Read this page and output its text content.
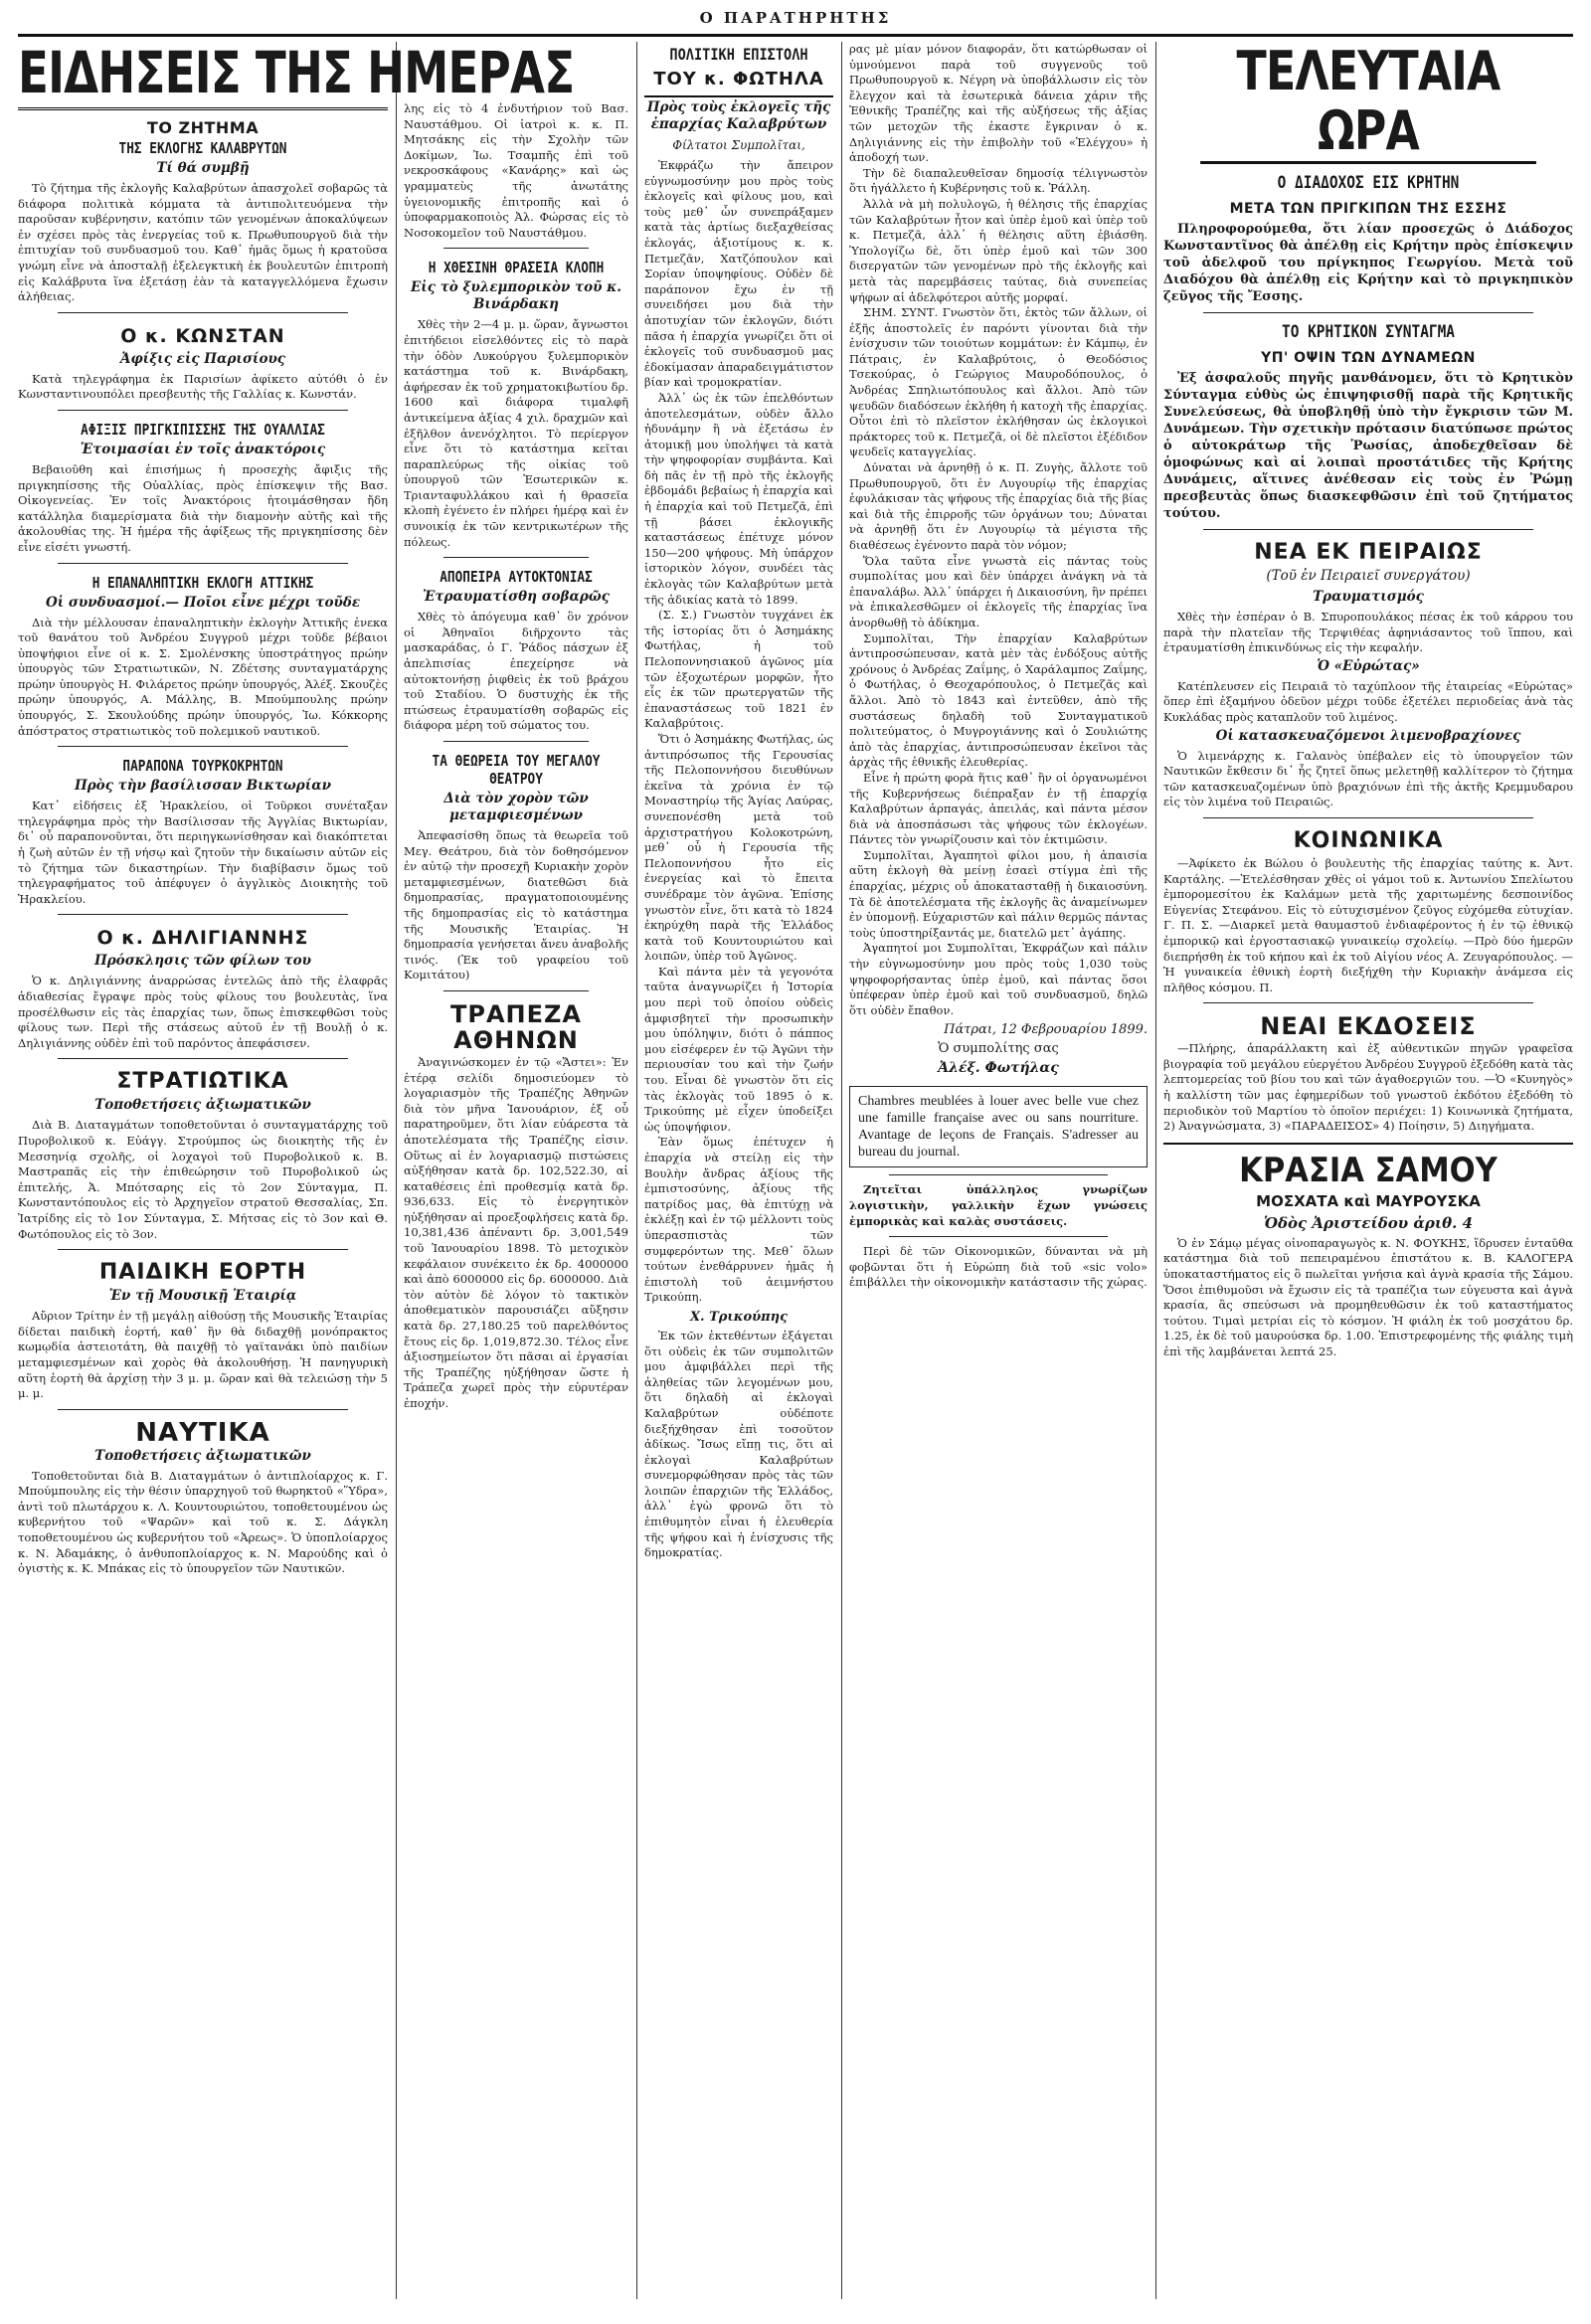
Ο ΠΑΡΑΤΗΡΗΤΗΣ
ΕΙΔΗΣΕΙΣ ΤΗΣ ΗΜΕΡΑΣ
ΤΟ ΖΗΤΗΜΑ
ΤΗΣ ΕΚΛΟΓΗΣ ΚΑΛΑΒΡΥΤΩΝ
Τί θά συμβῇ

Τὸ ζήτημα τῆς ἐκλογῆς Καλαβρύτων ἀπασχολεῖ σοβαρῶς τὰ διάφορα πολιτικὰ κόμματα τὰ ἀντιπολιτευόμενα τὴν παροῦσαν κυβέρνησιν, κατόπιν τῶν γενομένων ἀποκαλύψεων ἐν σχέσει πρὸς τὰς ἐνεργείας τοῦ κ. Πρωθυπουργοῦ διὰ τὴν ἐπιτυχίαν τοῦ συνδυασμοῦ του. Καθ᾽ ἡμᾶς ὅμως ἡ κρατοῦσα γνώμη εἶνε νὰ ἀποσταλῇ ἐξελεγκτικὴ ἐκ βουλευτῶν ἐπιτροπὴ εἰς Καλάβρυτα ἵνα ἐξετάσῃ ἐὰν τὰ καταγγελλόμενα ἔχωσιν ἀλήθειας.

Ο κ. ΚΩΝΣΤΑΝ
Ἀφίξις εἰς Παρισίους

Κατὰ τηλεγράφημα ἐκ Παρισίων ἀφίκετο αὐτόθι ὁ ἐν Κωνσταντινουπόλει πρεσβευτὴς τῆς Γαλλίας κ. Κωνστάν.

ΑΦΙΞΙΣ ΠΡΙΓΚΙΠΙΣΣΗΣ ΤΗΣ ΟΥΑΛΛΙΑΣ
Ἑτοιμασίαι ἐν τοῖς ἀνακτόροις

Βεβαιοῦθη καὶ ἐπισήμως ἡ προσεχὴς ἄφιξις τῆς πριγκηπίσσης τῆς Οὐαλλίας, πρὸς ἐπίσκεψιν τῆς Βασ. Οἰκογενείας. Ἐν τοῖς Ἀνακτόροις ἡτοιμάσθησαν ἤδη κατάλληλα διαμερίσματα διὰ τὴν διαμονὴν αὐτῆς καὶ τῆς ἀκολουθίας της. Ἡ ἡμέρα τῆς ἀφίξεως τῆς πριγκηπίσσης δὲν εἶνε εἰσέτι γνωστή.

Η ΕΠΑΝΑΛΗΠΤΙΚΗ ΕΚΛΟΓΗ ΑΤΤΙΚΗΣ
Οἱ συνδυασμοί.— Ποῖοι εἶνε μέχρι τοῦδε

Διὰ τὴν μέλλουσαν ἐπαναληπτικὴν ἐκλογὴν Ἀττικῆς ἐνεκα τοῦ θανάτου τοῦ Ἀνδρέου Συγγροῦ μέχρι τοῦδε βέβαιοι ὑποψήφιοι εἶνε οἱ κ. Σ. Σμολένσκης ὑποστράτηγος πρώην ὑπουργὸς τῶν Στρατιωτικῶν, Ν. Ζδέτσης συνταγματάρχης πρώην ὑπουργὸς Η. Φιλάρετος πρώην ὑπουργός, Ἀλέξ. Σκουζὲς πρώην ὑπουργός, Α. Μάλλης, Β. Μπούμπουλης πρώην ὑπουργός, Σ. Σκουλούδης πρώην ὑπουργός, Ἰω. Κόκκορης ἀπόστρατος στρατιωτικὸς τοῦ πολεμικοῦ ναυτικοῦ.

ΠΑΡΑΠΟΝΑ ΤΟΥΡΚΟΚΡΗΤΩΝ
Πρὸς τὴν βασίλισσαν Βικτωρίαν

Κατ᾽ εἰδήσεις ἐξ Ἡρακλείου, οἱ Τοῦρκοι συνέταξαν τηλεγράφημα πρὸς τὴν Βασίλισσαν τῆς Ἀγγλίας Βικτωρίαν, δι᾽ οὗ παραπονοῦνται, ὅτι περιηγκωνίσθησαν καὶ διακόπτεται ἡ ζωὴ αὐτῶν ἐν τῇ νήσῳ καὶ ζητοῦν τὴν δικαίωσιν αὐτῶν εἰς τὸ ζήτημα τῶν δικαστηρίων. Τὴν διαβίβασιν ὅμως τοῦ τηλεγραφήματος τοῦ ἀπέφυγεν ὁ ἀγγλικὸς Διοικητὴς τοῦ Ἡρακλείου.

Ο κ. ΔΗΛΙΓΙΑΝΝΗΣ
Πρόσκλησις τῶν φίλων του

Ὁ κ. Δηλιγιάννης ἀναρρώσας ἐντελῶς ἀπὸ τῆς ἐλαφρᾶς ἀδιαθεσίας ἔγραψε πρὸς τοὺς φίλους του βουλευτὰς, ἵνα προσέλθωσιν εἰς τὰς ἐπαρχίας των, ὅπως ἐπισκεφθῶσι τοὺς φίλους των. Περὶ τῆς στάσεως αὐτοῦ ἐν τῇ Βουλῇ ὁ κ. Δηλιγιάννης οὐδὲν ἐπὶ τοῦ παρόντος ἀπεφάσισεν.

ΣΤΡΑΤΙΩΤΙΚΑ
Τοποθετήσεις ἀξιωματικῶν

Διὰ Β. Διαταγμάτων τοποθετοῦνται ὁ συνταγματάρχης τοῦ Πυροβολικοῦ κ. Εὐάγγ. Στρούμπος ὡς διοικητὴς τῆς ἐν Μεσσηνίᾳ σχολῆς, οἱ λοχαγοὶ τοῦ Πυροβολικοῦ κ. Β. Μαστραπᾶς εἰς τὴν ἐπιθεώρησιν τοῦ Πυροβολικοῦ ὡς ἐπιτελής, Ἀ. Μπότσαρης εἰς τὸ 2ον Σύνταγμα, Π. Κωνσταντόπουλος εἰς τὸ Ἀρχηγεῖον στρατοῦ Θεσσαλίας, Σπ. Ἰατρίδης εἰς τὸ 1ον Σύνταγμα, Σ. Μήτσας εἰς τὸ 3ον καὶ Θ. Φωτόπουλος εἰς τὸ 3ον.

ΠΑΙΔΙΚΗ ΕΟΡΤΗ
Ἐν τῇ Μουσικῇ Ἑταιρίᾳ

Αὔριον Τρίτην ἐν τῇ μεγάλῃ αἰθούσῃ τῆς Μουσικῆς Ἑταιρίας δίδεται παιδικὴ ἑορτή, καθ᾽ ἣν θὰ διδαχθῇ μονόπρακτος κωμῳδία ἀστειοτάτη, θὰ παιχθῇ τὸ γαϊτανάκι ὑπὸ παιδίων μεταμφιεσμένων καὶ χορὸς θὰ ἀκολουθήσῃ. Ἡ πανηγυρικὴ αὕτη ἑορτὴ θὰ ἀρχίσῃ τὴν 3 μ. μ. ὥραν καὶ θὰ τελειώσῃ τὴν 5 μ. μ.

ΝΑΥΤΙΚΑ
Τοποθετήσεις ἀξιωματικῶν

Τοποθετοῦνται διὰ Β. Διαταγμάτων ὁ ἀντιπλοίαρχος κ. Γ. Μπούμπουλης εἰς τὴν θέσιν ὑπαρχηγοῦ τοῦ θωρηκτοῦ «Ὕδρα», ἀντὶ τοῦ πλωτάρχου κ. Λ. Κουντουριώτου, τοποθετουμένου ὡς κυβερνήτου τοῦ «Ψαρῶν» καὶ τοῦ κ. Σ. Δάγκλη τοποθετουμένου ὡς κυβερνήτου τοῦ «Ἀρεως». Ὁ ὑποπλοίαρχος κ. Ν. Ἀδαμάκης, ὁ ἀνθυποπλοίαρχος κ. Ν. Μαρούδης καὶ ὁ ὀγιστὴς κ. Κ. Μπάκας εἰς τὸ ὑπουργεῖον τῶν Ναυτικῶν.

λης εἰς τὸ 4 ἐνδυτήριον τοῦ Βασ. Ναυστάθμου. Οἱ ἰατροὶ κ. κ. Π. Μητσάκης εἰς τὴν Σχολὴν τῶν Δοκίμων, Ἰω. Τσαμπῆς ἐπὶ τοῦ νεκροσκάφους «Κανάρης» καὶ ὡς γραμματεὺς τῆς ἀνωτάτης ὑγειονομικῆς ἐπιτροπῆς καὶ ὁ ὑποφαρμακοποιὸς Ἀλ. Φώρσας εἰς τὸ Νοσοκομεῖον τοῦ Ναυστάθμου.

Η ΧΘΕΣΙΝΗ ΘΡΑΣΕΙΑ ΚΛΟΠΗ
Εἰς τὸ ξυλεμπορικὸν τοῦ κ. Βινάρδακη

Χθὲς τὴν 2—4 μ. μ. ὥραν, ἄγνωστοι ἐπιτήδειοι εἰσελθόντες εἰς τὸ παρὰ τὴν ὁδὸν Λυκούργου ξυλεμπορικὸν κατάστημα τοῦ κ. Βινάρδακη, ἀφήρεσαν ἐκ τοῦ χρηματοκιβωτίου δρ. 1600 καὶ διάφορα τιμαλφῆ ἀντικείμενα ἀξίας 4 χιλ. δραχμῶν καὶ ἐξῆλθον ἀνενόχλητοι. Τὸ περίεργον εἶνε ὅτι τὸ κατάστημα κεῖται παραπλεύρως τῆς οἰκίας τοῦ ὑπουργοῦ τῶν Ἐσωτερικῶν κ. Τριανταφυλλάκου καὶ ἡ θρασεῖα κλοπὴ ἐγένετο ἐν πλήρει ἡμέρᾳ καὶ ἐν συνοικίᾳ ἐκ τῶν κεντρικωτέρων τῆς πόλεως.

ΑΠΟΠΕΙΡΑ ΑΥΤΟΚΤΟΝΙΑΣ
Ἐτραυματίσθη σοβαρῶς

Χθὲς τὸ ἀπόγευμα καθ᾽ ὃν χρόνον οἱ Ἀθηναῖοι διῆρχοντο τὰς μασκαράδας, ὁ Γ. Ῥάδος πάσχων ἐξ ἀπελπισίας ἐπεχείρησε νὰ αὐτοκτονήσῃ ῥιφθεὶς ἐκ τοῦ βράχου τοῦ Σταδίου. Ὁ δυστυχὴς ἐκ τῆς πτώσεως ἐτραυματίσθη σοβαρῶς εἰς διάφορα μέρη τοῦ σώματος του.

ΤΑ ΘΕΩΡΕΙΑ ΤΟΥ ΜΕΓΑΛΟΥ ΘΕΑΤΡΟΥ
Διὰ τὸν χορὸν τῶν μεταμφιεσμένων

Ἀπεφασίσθη ὅπως τὰ θεωρεῖα τοῦ Μεγ. Θεάτρου, διὰ τὸν δοθησόμενον ἐν αὐτῷ τὴν προσεχῆ Κυριακὴν χορὸν μεταμφιεσμένων, διατεθῶσι διὰ δημοπρασίας, πραγματοποιουμένης τῆς δημοπρασίας εἰς τὸ κατάστημα τῆς Μουσικῆς Ἑταιρίας. Ἡ δημοπρασία γενήσεται ἄνευ ἀναβολῆς τινός. (Ἐκ τοῦ γραφείου τοῦ Κομιτάτου)

ΤΡΑΠΕΖΑ ΑΘΗΝΩΝ

Ἀναγινώσκομεν ἐν τῷ «Ἄστει»: Ἐν ἑτέρᾳ σελίδι δημοσιεύομεν τὸ λογαριασμὸν τῆς Τραπέζης Ἀθηνῶν διὰ τὸν μῆνα Ἰανουάριον, ἐξ οὗ παρατηροῦμεν, ὅτι λίαν εὐάρεστα τὰ ἀποτελέσματα τῆς Τραπέζης εἰσιν. Οὕτως αἱ ἐν λογαριασμῷ πιστώσεις αὐξήθησαν κατὰ δρ. 102,522.30, αἱ καταθέσεις ἐπὶ προθεσμίᾳ κατὰ δρ. 936,633. Εἰς τὸ ἐνεργητικὸν ηὐξήθησαν αἱ προεξοφλήσεις κατὰ δρ. 10,381,436 ἀπέναντι δρ. 3,001,549 τοῦ Ἰανουαρίου 1898. Τὸ μετοχικὸν κεφάλαιον συνέκειτο ἐκ δρ. 4000000 καὶ ἀπὸ 6000000 εἰς δρ. 6000000. Διὰ τὸν αὐτὸν δὲ λόγον τὸ τακτικὸν ἀποθεματικὸν παρουσιάζει αὔξησιν κατὰ δρ. 27,180.25 τοῦ παρελθόντος ἔτους εἰς δρ. 1,019,872.30. Τέλος εἶνε ἀξιοσημείωτον ὅτι πᾶσαι αἱ ἐργασίαι τῆς Τραπέζης ηὐξήθησαν ὥστε ἡ Τράπεζα χωρεῖ πρὸς τὴν εὐρυτέραν ἐποχήν.

ΠΟΛΙΤΙΚΗ ΕΠΙΣΤΟΛΗ
ΤΟΥ κ. ΦΩΤΗΛΑ
Πρὸς τοὺς ἐκλογεῖς τῆς ἐπαρχίας Καλαβρύτων
Φίλτατοι Συμπολῖται,

Ἐκφράζω τὴν ἄπειρον εὐγνωμοσύνην μου πρὸς τοὺς ἐκλογεῖς καὶ φίλους μου, καὶ τοὺς μεθ᾽ ὧν συνεπράξαμεν κατὰ τὰς ἀρτίως διεξαχθείσας ἐκλογάς, ἀξιοτίμους κ. κ. Πετμεζᾶν, Χατζόπουλον καὶ Σορίαν ὑποψηφίους. Οὐδὲν δὲ παράπονον ἔχω ἐν τῇ συνειδήσει μου διὰ τὴν ἀποτυχίαν τῶν ἐκλογῶν, διότι πᾶσα ἡ ἐπαρχία γνωρίζει ὅτι οἱ ἐκλογεῖς τοῦ συνδυασμοῦ μας ἐδοκίμασαν ἀπαραδειγμάτιστον βίαν καὶ τρομοκρατίαν.

Ἀλλ᾽ ὡς ἐκ τῶν ἐπελθόντων ἀποτελεσμάτων, οὐδὲν ἄλλο ἠδυνάμην ἢ νὰ ἐξετάσω ἐν ἀτομικῇ μου ὑπολήψει τὰ κατὰ τὴν ψηφοφορίαν συμβάντα. Καὶ δὴ πᾶς ἐν τῇ πρὸ τῆς ἐκλογῆς ἑβδομάδι βεβαίως ἡ ἐπαρχία καὶ ἡ ἐπαρχία καὶ τοῦ Πετμεζᾶ, ἐπὶ τῇ βάσει ἐκλογικῆς καταστάσεως ἐπέτυχε μόνον 150—200 ψήφους. Μὴ ὑπάρχον ἱστορικὸν λόγον, συνδέει τὰς ἐκλογὰς τῶν Καλαβρύτων μετὰ τῆς ἀδικίας κατὰ τὸ 1899.

(Σ. Σ.) Γνωστὸν τυγχάνει ἐκ τῆς ἱστορίας ὅτι ὁ Ἀσημάκης Φωτήλας, ἡ τοῦ Πελοποννησιακοῦ ἀγῶνος μία τῶν ἐξοχωτέρων μορφῶν, ἦτο εἷς ἐκ τῶν πρωτεργατῶν τῆς ἐπαναστάσεως τοῦ 1821 ἐν Καλαβρύτοις.

Ὅτι ὁ Ἀσημάκης Φωτήλας, ὡς ἀντιπρόσωπος τῆς Γερουσίας τῆς Πελοποννήσου διευθύνων ἐκεῖνα τὰ χρόνια ἐν τῷ Μοναστηρίῳ τῆς Ἁγίας Λαύρας, συνεπονέσθη μετὰ τοῦ ἀρχιστρατήγου Κολοκοτρώνη, μεθ᾽ οὗ ἡ Γερουσία τῆς Πελοποννήσου ἦτο εἰς ἐνεργείας καὶ τὸ ἔπειτα συνέδραμε τὸν ἀγῶνα. Ἐπίσης γνωστὸν εἶνε, ὅτι κατὰ τὸ 1824 ἐκηρύχθη παρὰ τῆς Ἑλλάδος κατὰ τοῦ Κουντουριώτου καὶ λοιπῶν, ὑπὲρ τοῦ Ἀγῶνος.

Καὶ πάντα μὲν τὰ γεγονότα ταῦτα ἀναγνωρίζει ἡ Ἱστορία μου περὶ τοῦ ὁποίου οὐδεὶς ἀμφισβητεῖ τὴν προσωπικὴν μου ὑπόληψιν, διότι ὁ πάππος μου εἰσέφερεν ἐν τῷ Ἀγῶνι τὴν περιουσίαν του καὶ τὴν ζωήν του. Εἶναι δὲ γνωστὸν ὅτι εἰς τὰς ἐκλογὰς τοῦ 1895 ὁ κ. Τρικούπης μὲ εἶχεν ὑποδείξει ὡς ὑποψήφιον.

Ἐὰν ὅμως ἐπέτυχεν ἡ ἐπαρχία νὰ στείλῃ εἰς τὴν Βουλὴν ἄνδρας ἀξίους τῆς ἐμπιστοσύνης, ἀξίους τῆς πατρίδος μας, θὰ ἐπιτύχῃ νὰ ἐκλέξῃ καὶ ἐν τῷ μέλλοντι τοὺς ὑπερασπιστὰς τῶν συμφερόντων της. Μεθ᾽ ὅλων τούτων ἐνεθάρρυνεν ἡμᾶς ἡ ἐπιστολὴ τοῦ ἀειμνήστου Τρικούπη.

Χ. Τρικούπης

Ἐκ τῶν ἐκτεθέντων ἐξάγεται ὅτι οὐδεὶς ἐκ τῶν συμπολιτῶν μου ἀμφιβάλλει περὶ τῆς ἀληθείας τῶν λεγομένων μου, ὅτι δηλαδὴ αἱ ἐκλογαὶ Καλαβρύτων οὐδέποτε διεξήχθησαν ἐπὶ τοσοῦτον ἀδίκως. Ἴσως εἴπῃ τις, ὅτι αἱ ἐκλογαὶ Καλαβρύτων συνεμορφώθησαν πρὸς τὰς τῶν λοιπῶν ἐπαρχιῶν τῆς Ἑλλάδος, ἀλλ᾽ ἐγὼ φρονῶ ὅτι τὸ ἐπιθυμητὸν εἶναι ἡ ἐλευθερία τῆς ψήφου καὶ ἡ ἐνίσχυσις τῆς δημοκρατίας.

ρας μὲ μίαν μόνον διαφοράν, ὅτι κατώρθωσαν οἱ ὑμνούμενοι παρὰ τοῦ συγγενοῦς τοῦ Πρωθυπουργοῦ κ. Νέγρη νὰ ὑποβάλλωσιν εἰς τὸν ἔλεγχον καὶ τὰ ἐσωτερικὰ δάνεια χάριν τῆς Ἐθνικῆς Τραπέζης καὶ τῆς αὐξήσεως τῆς ἀξίας τῶν μετοχῶν τῆς ἐκαστε ἔγκριναν ὁ κ. Δηλιγιάννης εἰς τὴν ἐπιβολὴν τοῦ «Ἐλέγχου» ἡ ἀποδοχή των.

Τὴν δὲ διαπαλευθεῖσαν δημοσίᾳ τέλιγνωστὸν ὅτι ἠγάλλετο ἡ Κυβέρνησις τοῦ κ. Ῥάλλη.

Ἀλλὰ νὰ μὴ πολυλογῶ, ἡ θέλησις τῆς ἐπαρχίας τῶν Καλαβρύτων ἦτον καὶ ὑπὲρ ἐμοῦ καὶ ὑπὲρ τοῦ κ. Πετμεζᾶ, ἀλλ᾽ ἡ θέλησις αὕτη ἐβιάσθη. Ὑπολογίζω δὲ, ὅτι ὑπὲρ ἐμοῦ καὶ τῶν 300 δισεργατῶν τῶν γενομένων πρὸ τῆς ἐκλογῆς καὶ μετὰ τὰς παρεμβάσεις ταύτας, διὰ συνεπείας ψήφων αἱ ἀδελφότεροι αὐτῆς μορφαί.

ΣΗΜ. ΣΥΝΤ. Γνωστὸν ὅτι, ἐκτὸς τῶν ἄλλων, οἱ ἐξῆς ἀποστολεῖς ἐν παρόντι γίνονται διὰ τὴν ἐνίσχυσιν τῶν τοιούτων κομμάτων: ἐν Κάμπῳ, ἐν Πάτραις, ἐν Καλαβρύτοις, ὁ Θεοδόσιος Τσεκούρας, ὁ Γεώργιος Μαυροδόπουλος, ὁ Ἀνδρέας Σπηλιωτόπουλος καὶ ἄλλοι. Ἀπὸ τῶν ψευδῶν διαδόσεων ἐκλήθη ἡ κατοχὴ τῆς ἐπαρχίας. Οὗτοι ἐπὶ τὸ πλεῖστον ἐκλήθησαν ὡς ἐκλογικοὶ πράκτορες τοῦ κ. Πετμεζᾶ, οἱ δὲ πλεῖστοι ἐξέδιδον ψευδεῖς καταγγελίας.

Δύναται νὰ ἀρνηθῇ ὁ κ. Π. Ζυγὴς, ἄλλοτε τοῦ Πρωθυπουργοῦ, ὅτι ἐν Λυγουρίῳ τῆς ἐπαρχίας ἐφυλάκισαν τὰς ψήφους τῆς ἐπαρχίας διὰ τῆς βίας καὶ διὰ τῆς ἐπιρροῆς τῶν ὀργάνων του; Δύναται νὰ ἀρνηθῇ ὅτι ἐν Λυγουρίῳ τὰ μέγιστα τῆς διαθέσεως ἐγένοντο παρὰ τὸν νόμον;

Ὅλα ταῦτα εἶνε γνωστὰ εἰς πάντας τοὺς συμπολίτας μου καὶ δὲν ὑπάρχει ἀνάγκη νὰ τὰ ἐπαναλάβω. Ἀλλ᾽ ὑπάρχει ἡ Δικαιοσύνη, ἣν πρέπει νὰ ἐπικαλεσθῶμεν οἱ ἐκλογεῖς τῆς ἐπαρχίας ἵνα ἀνορθωθῇ τὸ ἀδίκημα.

Συμπολῖται, Τὴν ἐπαρχίαν Καλαβρύτων ἀντιπροσώπευσαν, κατὰ μὲν τὰς ἐνδόξους αὐτῆς χρόνους ὁ Ἀνδρέας Ζαΐμης, ὁ Χαράλαμπος Ζαΐμης, ὁ Φωτήλας, ὁ Θεοχαρόπουλος, ὁ Πετμεζᾶς καὶ ἄλλοι. Ἀπὸ τὸ 1843 καὶ ἐντεῦθεν, ἀπὸ τῆς συστάσεως δηλαδὴ τοῦ Συνταγματικοῦ πολιτεύματος, ὁ Μυγρογιάννης καὶ ὁ Σουλιώτης ἀπὸ τὰς ἐπαρχίας, ἀντιπροσώπευσαν ἐκεῖνοι τὰς ἀρχὰς τῆς ἐθνικῆς ἐλευθερίας.

Εἶνε ἡ πρώτη φορὰ ἥτις καθ᾽ ἣν οἱ ὀργανωμένοι τῆς Κυβερνήσεως διέπραξαν ἐν τῇ ἐπαρχίᾳ Καλαβρύτων ἁρπαγάς, ἀπειλάς, καὶ πάντα μέσον διὰ νὰ ἀποσπάσωσι τὰς ψήφους τῶν ἐκλογέων. Πάντες τὸν γνωρίζουσιν καὶ τὸν ἐκτιμῶσιν.

Συμπολῖται, Ἀγαπητοὶ φίλοι μου, ἡ ἀπαισία αὕτη ἐκλογὴ θὰ μείνῃ ἐσαεὶ στίγμα ἐπὶ τῆς ἐπαρχίας, μέχρις οὗ ἀποκατασταθῇ ἡ δικαιοσύνη. Τὰ δὲ ἀποτελέσματα τῆς ἐκλογῆς ἂς ἀναμείνωμεν ἐν ὑπομονῇ. Εὐχαριστῶν καὶ πάλιν θερμῶς πάντας τοὺς ὑποστηρίξαντάς με, διατελῶ μετ᾽ ἀγάπης.

Ἀγαπητοί μοι Συμπολῖται, Ἐκφράζων καὶ πάλιν τὴν εὐγνωμοσύνην μου πρὸς τοὺς 1,030 τοὺς ψηφοφορήσαντας ὑπὲρ ἐμοῦ, καὶ πάντας ὅσοι ὑπέφεραν ὑπὲρ ἐμοῦ καὶ τοῦ συνδυασμοῦ, δηλῶ ὅτι οὐδὲν ἔπαθον.

Πάτραι, 12 Φεβρουαρίου 1899.
Ὁ συμπολίτης σας
Ἀλέξ. Φωτήλας

Chambres meublées à louer avec belle vue chez une famille française avec ou sans nourriture. Avantage de leçons de Français. S'adresser au bureau du journal.

Ζητεῖται ὑπάλληλος γνωρίζων λογιστικὴν, γαλλικὴν ἔχων γνώσεις ἐμπορικὰς καὶ καλὰς συστάσεις.

Περὶ δὲ τῶν Οἰκονομικῶν, δύνανται νὰ μὴ φοβῶνται ὅτι ἡ Εὐρώπη διὰ τοῦ «sic volo» ἐπιβάλλει τὴν οἰκονομικὴν κατάστασιν τῆς χώρας.

ΤΕΛΕΥΤΑΙΑ ΩΡΑ
Ο ΔΙΑΔΟΧΟΣ ΕΙΣ ΚΡΗΤΗΝ
ΜΕΤΑ ΤΩΝ ΠΡΙΓΚΙΠΩΝ ΤΗΣ ΕΣΣΗΣ

Πληροφορούμεθα, ὅτι λίαν προσεχῶς ὁ Διάδοχος Κωνσταντῖνος θὰ ἀπέλθῃ εἰς Κρήτην πρὸς ἐπίσκεψιν τοῦ ἀδελφοῦ του πρίγκηπος Γεωργίου. Μετὰ τοῦ Διαδόχου θὰ ἀπέλθῃ εἰς Κρήτην καὶ τὸ πριγκηπικὸν ζεῦγος τῆς Ἔσσης.

ΤΟ ΚΡΗΤΙΚΟΝ ΣΥΝΤΑΓΜΑ
ΥΠ' ΟΨΙΝ ΤΩΝ ΔΥΝΑΜΕΩΝ

Ἐξ ἀσφαλοῦς πηγῆς μανθάνομεν, ὅτι τὸ Κρητικὸν Σύνταγμα εὐθὺς ὡς ἐπιψηφισθῇ παρὰ τῆς Κρητικῆς Συνελεύσεως, θὰ ὑποβληθῇ ὑπὸ τὴν ἔγκρισιν τῶν Μ. Δυνάμεων. Τὴν σχετικὴν πρότασιν διατύπωσε πρώτος ὁ αὐτοκράτωρ τῆς Ῥωσίας, ἀποδεχθεῖσαν δὲ ὁμοφώνως καὶ αἱ λοιπαὶ προστάτιδες τῆς Κρήτης Δυνάμεις, αἵτινες ἀνέθεσαν εἰς τοὺς ἐν Ῥώμῃ πρεσβευτὰς ὅπως διασκεφθῶσιν ἐπὶ τοῦ ζητήματος τούτου.

ΝΕΑ ΕΚ ΠΕΙΡΑΙΩΣ
(Τοῦ ἐν Πειραιεῖ συνεργάτου)
Τραυματισμός

Χθὲς τὴν ἑσπέραν ὁ Β. Σπυροπουλάκος πέσας ἐκ τοῦ κάρρου του παρὰ τὴν πλατεῖαν τῆς Τερψιθέας ἀφηνιάσαντος τοῦ ἵππου, καὶ ἐτραυματίσθη ἐπικινδύνως εἰς τὴν κεφαλήν.

Ὁ «Εὐρώτας»

Κατέπλευσεν εἰς Πειραιᾶ τὸ ταχύπλοον τῆς ἑταιρείας «Εὐρώτας» ὅπερ ἐπὶ ἐξαμήνου ὁδεῦον μέχρι τοῦδε ἐξετέλει περιοδείας ἀνὰ τὰς Κυκλάδας πρὸς καταπλοῦν τοῦ λιμένος.

Οἱ κατασκευαζόμενοι λιμενοβραχίονες

Ὁ λιμενάρχης κ. Γαλανὸς ὑπέβαλεν εἰς τὸ ὑπουργεῖον τῶν Ναυτικῶν ἔκθεσιν δι᾽ ἧς ζητεῖ ὅπως μελετηθῇ καλλίτερον τὸ ζήτημα τῶν κατασκευαζομένων ὑπὸ βραχιόνων ἐπὶ τῆς ἀκτῆς Κρεμμυδαρου εἰς τὸν λιμένα τοῦ Πειραιῶς.

ΚΟΙΝΩΝΙΚΑ

—Ἀφίκετο ἐκ Βώλου ὁ βουλευτὴς τῆς ἐπαρχίας ταύτης κ. Ἀντ. Καρτάλης. —Ἐτελέσθησαν χθὲς οἱ γάμοι τοῦ κ. Ἀντωνίου Σπελίωτου ἐμπορομεσίτου ἐκ Καλάμων μετὰ τῆς χαριτωμένης δεσποινίδος Εὐγενίας Στεφάνου. Εἰς τὸ εὐτυχισμένον ζεῦγος εὐχόμεθα εὐτυχίαν. Γ. Π. Σ. —Διαρκεῖ μετὰ θαυμαστοῦ ἐνδιαφέροντος ἡ ἐν τῷ ἐθνικῷ ἐμπορικῷ καὶ ἐργοστασιακῷ γυναικείῳ σχολείῳ. —Πρὸ δύο ἡμερῶν διεπρήσθη ἐκ τοῦ κήπου καὶ ἐκ τοῦ Αἰγίου νέος Α. Ζευγαρόπουλος. —Ἡ γυναικεία ἐθνικὴ ἑορτὴ διεξήχθη τὴν Κυριακὴν ἀνάμεσα εἰς πλῆθος κόσμου. Π.

ΝΕΑΙ ΕΚΔΟΣΕΙΣ

—Πλήρης, ἀπαράλλακτη καὶ ἐξ αὐθεντικῶν πηγῶν γραφεῖσα βιογραφία τοῦ μεγάλου εὐεργέτου Ἀνδρέου Συγγροῦ ἐξεδόθη κατὰ τὰς λεπτομερείας τοῦ βίου του καὶ τῶν ἀγαθοεργιῶν του. —Ὁ «Κυνηγὸς» ἡ καλλίστη τῶν μας ἐφημερίδων τοῦ γνωστοῦ ἐκδότου ἐξεδόθη τὸ περιοδικὸν τοῦ Μαρτίου τὸ ὁποῖον περιέχει: 1) Κοινωνικὰ ζητήματα, 2) Ἀναγνώσματα, 3) «ΠΑΡΑΔΕΙΣΟΣ» 4) Ποίησιν, 5) Διηγήματα.

ΚΡΑΣΙΑ ΣΑΜΟΥ
ΜΟΣΧΑΤΑ καὶ ΜΑΥΡΟΥΣΚΑ
Ὁδὸς Ἀριστείδου ἀριθ. 4

Ὁ ἐν Σάμῳ μέγας οἰνοπαραγωγὸς κ. Ν. ΦΟΥΚΗΣ, ἵδρυσεν ἐνταῦθα κατάστημα διὰ τοῦ πεπειραμένου ἐπιστάτου κ. Β. ΚΑΛΟΓΕΡΑ ὑποκαταστήματος εἰς ὃ πωλεῖται γνήσια καὶ ἁγνὰ κρασία τῆς Σάμου. Ὅσοι ἐπιθυμοῦσι νὰ ἔχωσιν εἰς τὰ τραπέζια των εὐγευστα καὶ ἀγνὰ κρασία, ἂς σπεύσωσι νὰ προμηθευθῶσιν ἐκ τοῦ καταστήματος τούτου. Τιμαὶ μετρίαι εἰς τὸ κόσμον. Ἡ φιάλη ἐκ τοῦ μοσχάτου δρ. 1.25, ἐκ δὲ τοῦ μαυρούσκα δρ. 1.00. Ἐπιστρεφομένης τῆς φιάλης τιμὴ ἐπὶ τῆς λαμβάνεται λεπτά 25.
